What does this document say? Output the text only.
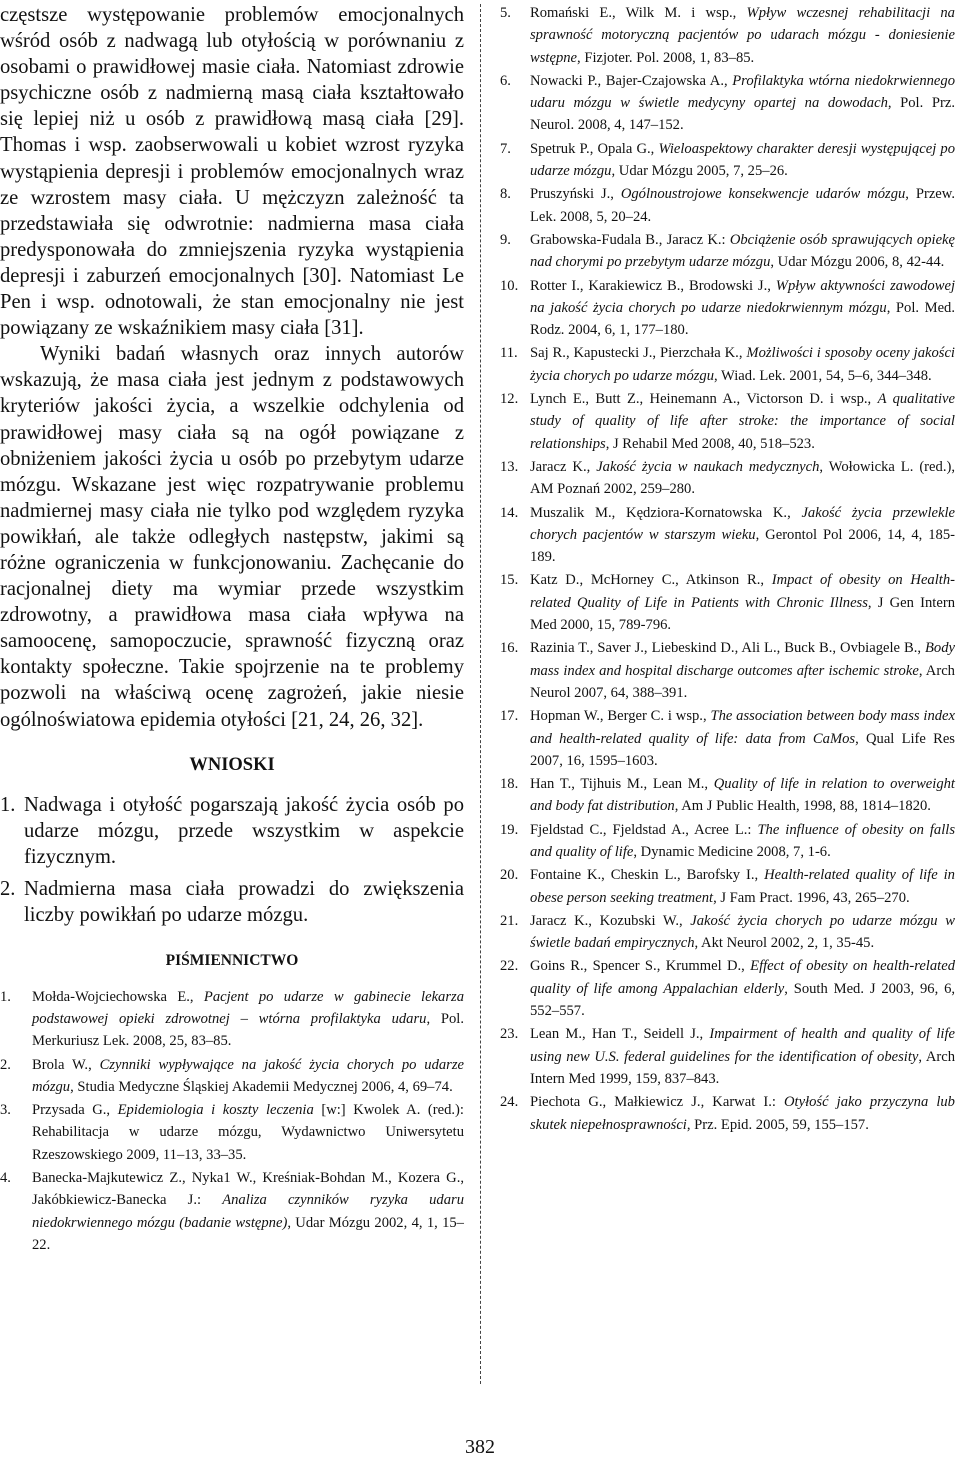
częstsze występowanie problemów emocjonalnych wśród osób z nadwagą lub otyłością w porównaniu z osobami o prawidłowej masie ciała. Natomiast zdrowie psychiczne osób z nadmierną masą ciała kształtowało się lepiej niż u osób z prawidłową masą ciała [29]. Thomas i wsp. zaobserwowali u kobiet wzrost ryzyka wystąpienia depresji i problemów emocjonalnych wraz ze wzrostem masy ciała. U mężczyzn zależność ta przedstawiała się odwrotnie: nadmierna masa ciała predysponowała do zmniejszenia ryzyka wystąpienia depresji i zaburzeń emocjonalnych [30]. Natomiast Le Pen i wsp. odnotowali, że stan emocjonalny nie jest powiązany ze wskaźnikiem masy ciała [31].

Wyniki badań własnych oraz innych autorów wskazują, że masa ciała jest jednym z podstawowych kryteriów jakości życia, a wszelkie odchylenia od prawidłowej masy ciała są na ogół powiązane z obniżeniem jakości życia u osób po przebytym udarze mózgu. Wskazane jest więc rozpatrywanie problemu nadmiernej masy ciała nie tylko pod względem ryzyka powikłań, ale także odległych następstw, jakimi są różne ograniczenia w funkcjonowaniu. Zachęcanie do racjonalnej diety ma wymiar przede wszystkim zdrowotny, a prawidłowa masa ciała wpływa na samoocenę, samopoczucie, sprawność fizyczną oraz kontakty społeczne. Takie spojrzenie na te problemy pozwoli na właściwą ocenę zagrożeń, jakie niesie ogólnoświatowa epidemia otyłości [21, 24, 26, 32].

WNIOSKI
1. Nadwaga i otyłość pogarszają jakość życia osób po udarze mózgu, przede wszystkim w aspekcie fizycznym.
2. Nadmierna masa ciała prowadzi do zwiększenia liczby powikłań po udarze mózgu.
PIŚMIENNICTWO
1.	Mołda-Wojciechowska E., Pacjent po udarze w gabinecie lekarza podstawowej opieki zdrowotnej – wtórna profilaktyka udaru, Pol. Merkuriusz Lek. 2008, 25, 83–85.
2.	Brola W., Czynniki wypływające na jakość życia chorych po udarze mózgu, Studia Medyczne Śląskiej Akademii Medycznej 2006, 4, 69–74.
3.	Przysada G., Epidemiologia i koszty leczenia [w:] Kwolek A. (red.): Rehabilitacja w udarze mózgu, Wydawnictwo Uniwersytetu Rzeszowskiego 2009, 11–13, 33–35.
4.	Banecka-Majkutewicz Z., Nyka1 W., Kreśniak-Bohdan M., Kozera G., Jakóbkiewicz-Banecka J.: Analiza czynników ryzyka udaru niedokrwiennego mózgu (badanie wstępne), Udar Mózgu 2002, 4, 1, 15–22.
5.	Romański E., Wilk M. i wsp., Wpływ wczesnej rehabilitacji na sprawność motoryczną pacjentów po udarach mózgu - doniesienie wstępne, Fizjoter. Pol. 2008, 1, 83–85.
6.	Nowacki P., Bajer-Czajowska A., Profilaktyka wtórna niedokrwiennego udaru mózgu w świetle medycyny opartej na dowodach, Pol. Prz. Neurol. 2008, 4, 147–152.
7.	Spetruk P., Opala G., Wieloaspektowy charakter deresji występującej po udarze mózgu, Udar Mózgu 2005, 7, 25–26.
8.	Pruszyński J., Ogólnoustrojowe konsekwencje udarów mózgu, Przew. Lek. 2008, 5, 20–24.
9.	Grabowska-Fudala B., Jaracz K.: Obciążenie osób sprawujących opiekę nad chorymi po przebytym udarze mózgu, Udar Mózgu 2006, 8, 42-44.
10. Rotter I., Karakiewicz B., Brodowski J., Wpływ aktywności zawodowej na jakość życia chorych po udarze niedokrwiennym mózgu, Pol. Med. Rodz. 2004, 6, 1, 177–180.
11. Saj R., Kapustecki J., Pierzchała K., Możliwości i sposoby oceny jakości życia chorych po udarze mózgu, Wiad. Lek. 2001, 54, 5–6, 344–348.
12. Lynch E., Butt Z., Heinemann A., Victorson D. i wsp., A qualitative study of quality of life after stroke: the importance of social relationships, J Rehabil Med 2008, 40, 518–523.
13. Jaracz K., Jakość życia w naukach medycznych, Wołowicka L. (red.), AM Poznań 2002, 259–280.
14. Muszalik M., Kędziora-Kornatowska K., Jakość życia przewlekle chorych pacjentów w starszym wieku, Gerontol Pol 2006, 14, 4, 185-189.
15. Katz D., McHorney C., Atkinson R., Impact of obesity on Health-related Quality of Life in Patients with Chronic Illness, J Gen Intern Med 2000, 15, 789-796.
16. Razinia T., Saver J., Liebeskind D., Ali L., Buck B., Ovbiagele B., Body mass index and hospital discharge outcomes after ischemic stroke, Arch Neurol 2007, 64, 388–391.
17. Hopman W., Berger C. i wsp., The association between body mass index and health-related quality of life: data from CaMos, Qual Life Res 2007, 16, 1595–1603.
18. Han T., Tijhuis M., Lean M., Quality of life in relation to overweight and body fat distribution, Am J Public Health, 1998, 88, 1814–1820.
19. Fjeldstad C., Fjeldstad A., Acree L.: The influence of obesity on falls and quality of life, Dynamic Medicine 2008, 7, 1-6.
20. Fontaine K., Cheskin L., Barofsky I., Health-related quality of life in obese person seeking treatment, J Fam Pract. 1996, 43, 265–270.
21. Jaracz K., Kozubski W., Jakość życia chorych po udarze mózgu w świetle badań empirycznych, Akt Neurol 2002, 2, 1, 35-45.
22. Goins R., Spencer S., Krummel D., Effect of obesity on health-related quality of life among Appalachian elderly, South Med. J 2003, 96, 6, 552–557.
23. Lean M., Han T., Seidell J., Impairment of health and quality of life using new U.S. federal guidelines for the identification of obesity, Arch Intern Med 1999, 159, 837–843.
24. Piechota G., Małkiewicz J., Karwat I.: Otyłość jako przyczyna lub skutek niepełnosprawności, Prz. Epid. 2005, 59, 155–157.
382
